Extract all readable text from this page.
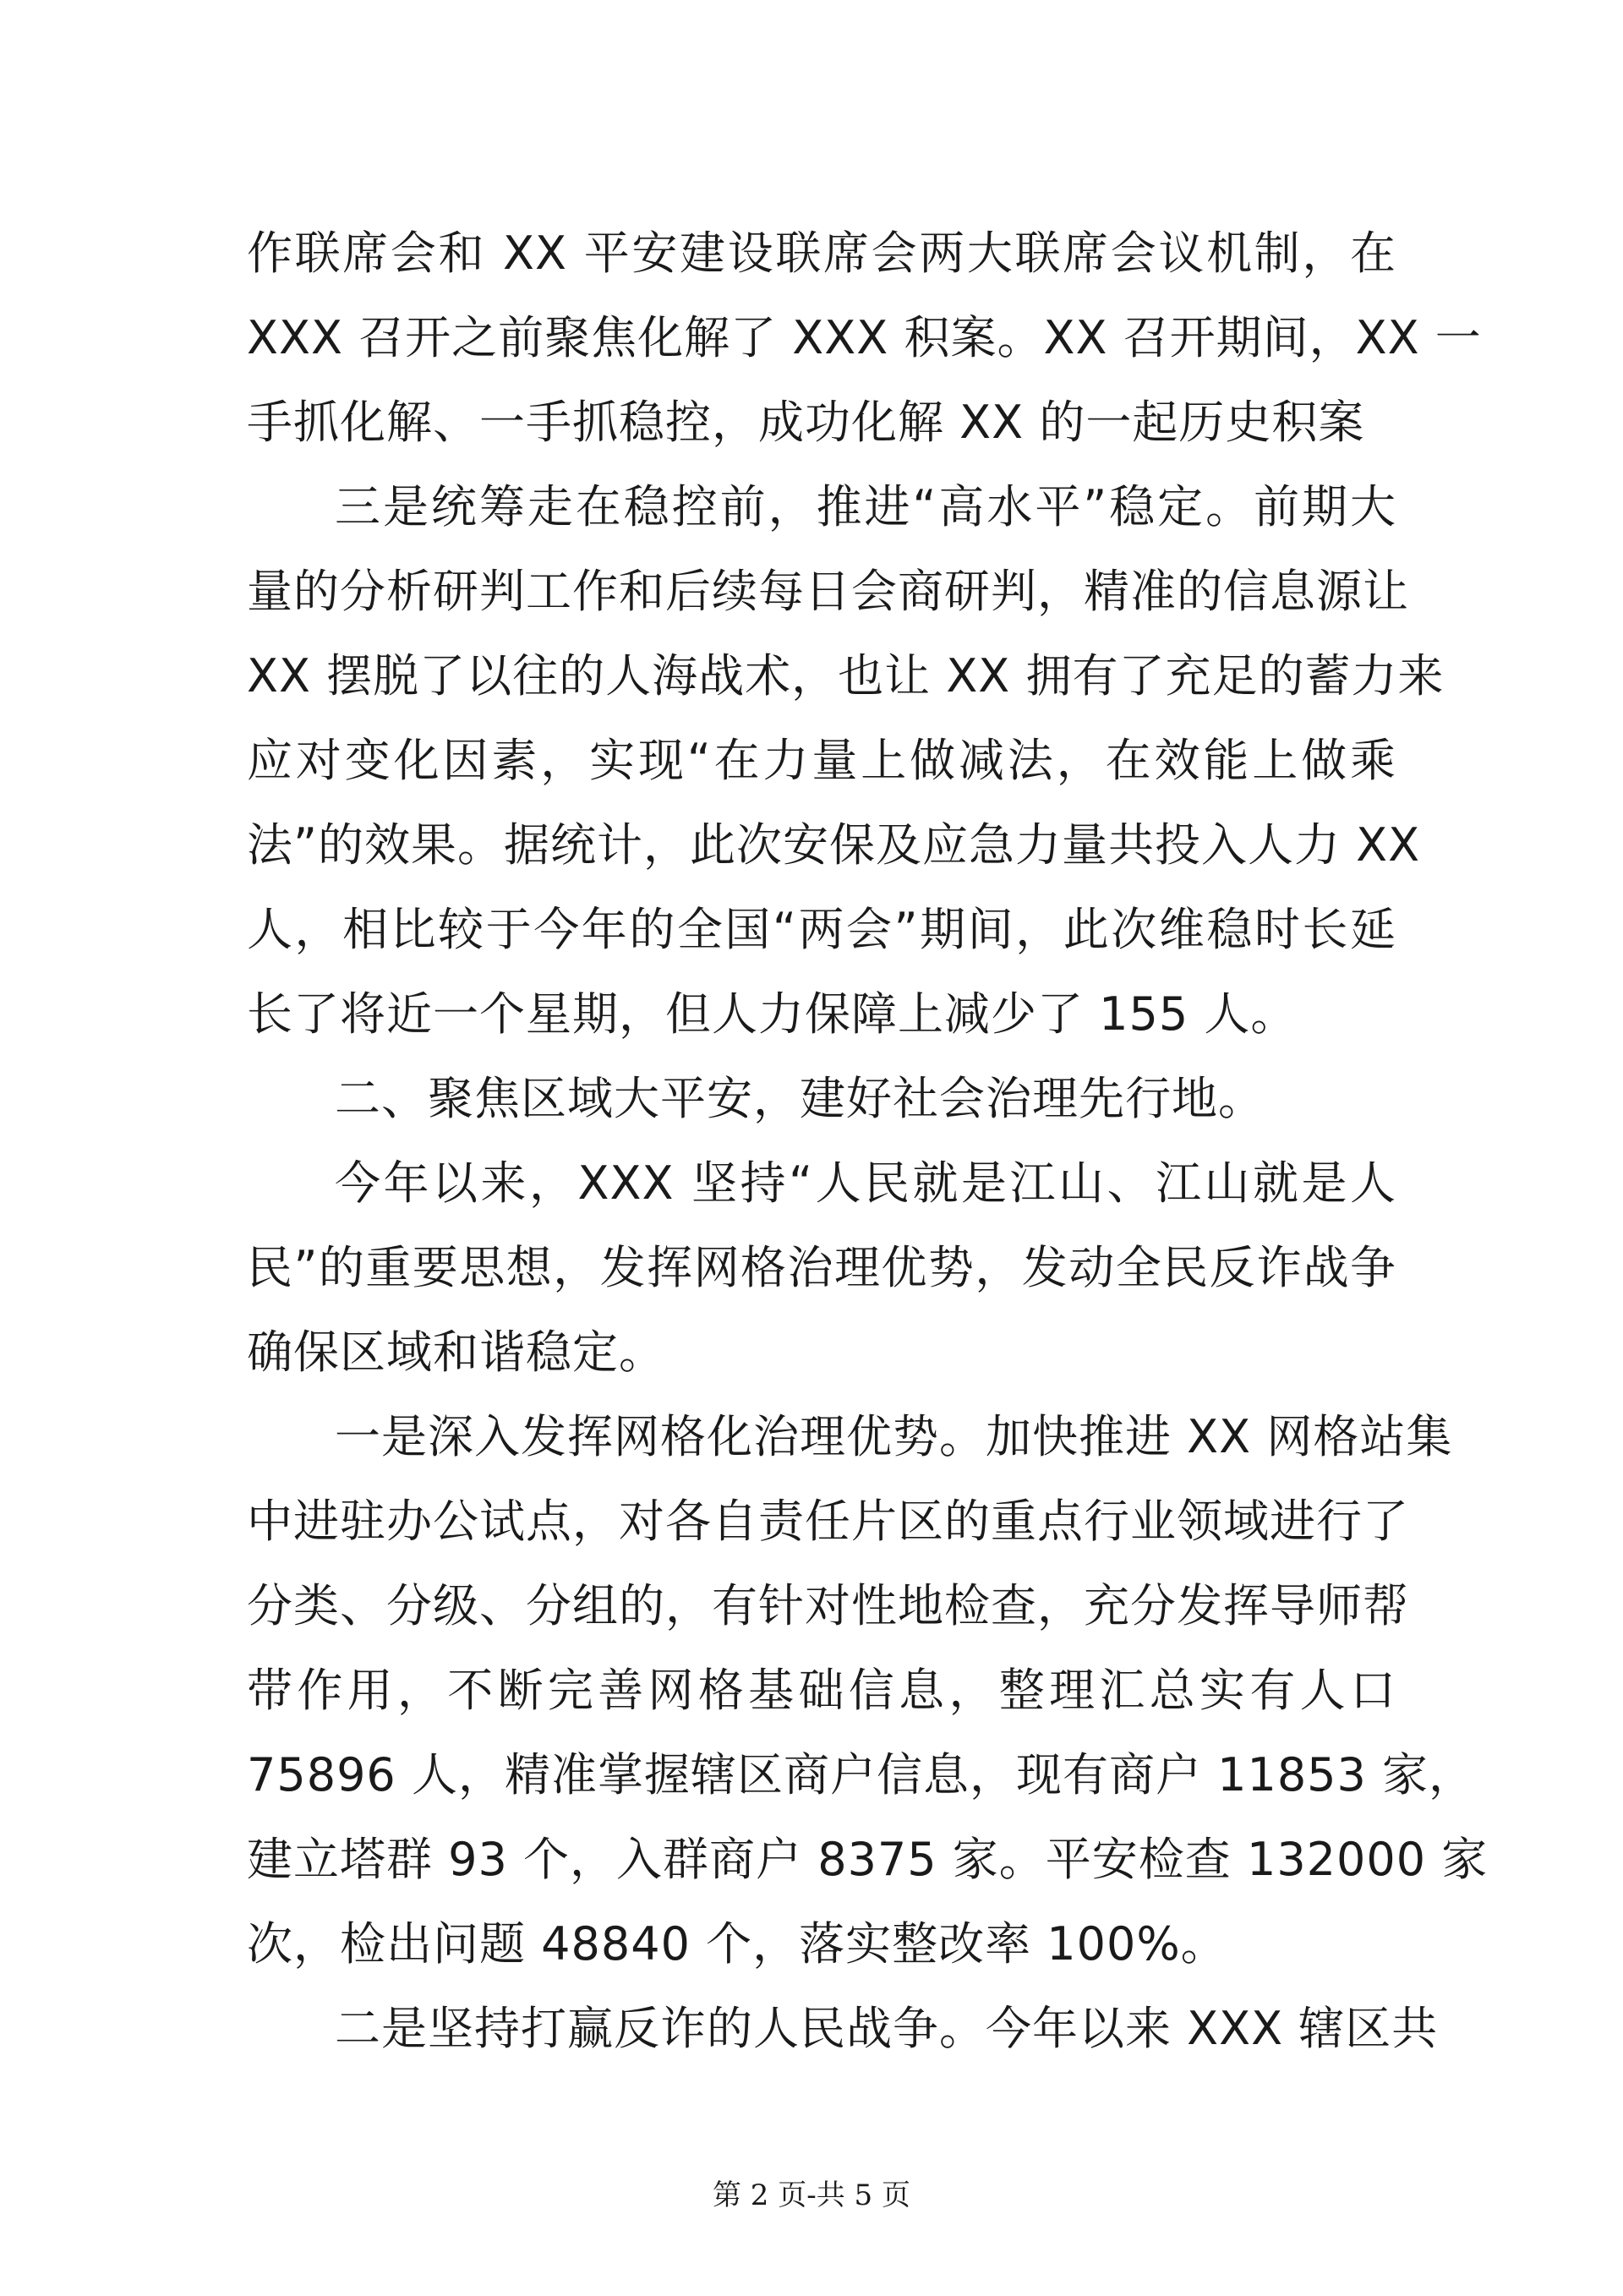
作联席会和 XX 平安建设联席会两大联席会议机制，在
XXX 召开之前聚焦化解了 XXX 积案。XX 召开期间，XX 一
手抓化解、一手抓稳控，成功化解 XX 的一起历史积案
三是统筹走在稳控前，推进“高水平”稳定。前期大
量的分析研判工作和后续每日会商研判，精准的信息源让
XX 摆脱了以往的人海战术，也让 XX 拥有了充足的蓄力来
应对变化因素，实现“在力量上做减法，在效能上做乘
法”的效果。据统计，此次安保及应急力量共投入人力 XX
人，相比较于今年的全国“两会”期间，此次维稳时长延
长了将近一个星期，但人力保障上减少了 155 人。
二、聚焦区域大平安，建好社会治理先行地。
今年以来，XXX 坚持“人民就是江山、江山就是人
民”的重要思想，发挥网格治理优势，发动全民反诈战争
确保区域和谐稳定。
一是深入发挥网格化治理优势。加快推进 XX 网格站集
中进驻办公试点，对各自责任片区的重点行业领域进行了
分类、分级、分组的，有针对性地检查，充分发挥导师帮
带作用，不断完善网格基础信息，整理汇总实有人口
75896 人，精准掌握辖区商户信息，现有商户 11853 家，
建立塔群 93 个，入群商户 8375 家。平安检查 132000 家
次，检出问题 48840 个，落实整改率 100%。
二是坚持打赢反诈的人民战争。今年以来 XXX 辖区共
第 2 页-共 5 页
